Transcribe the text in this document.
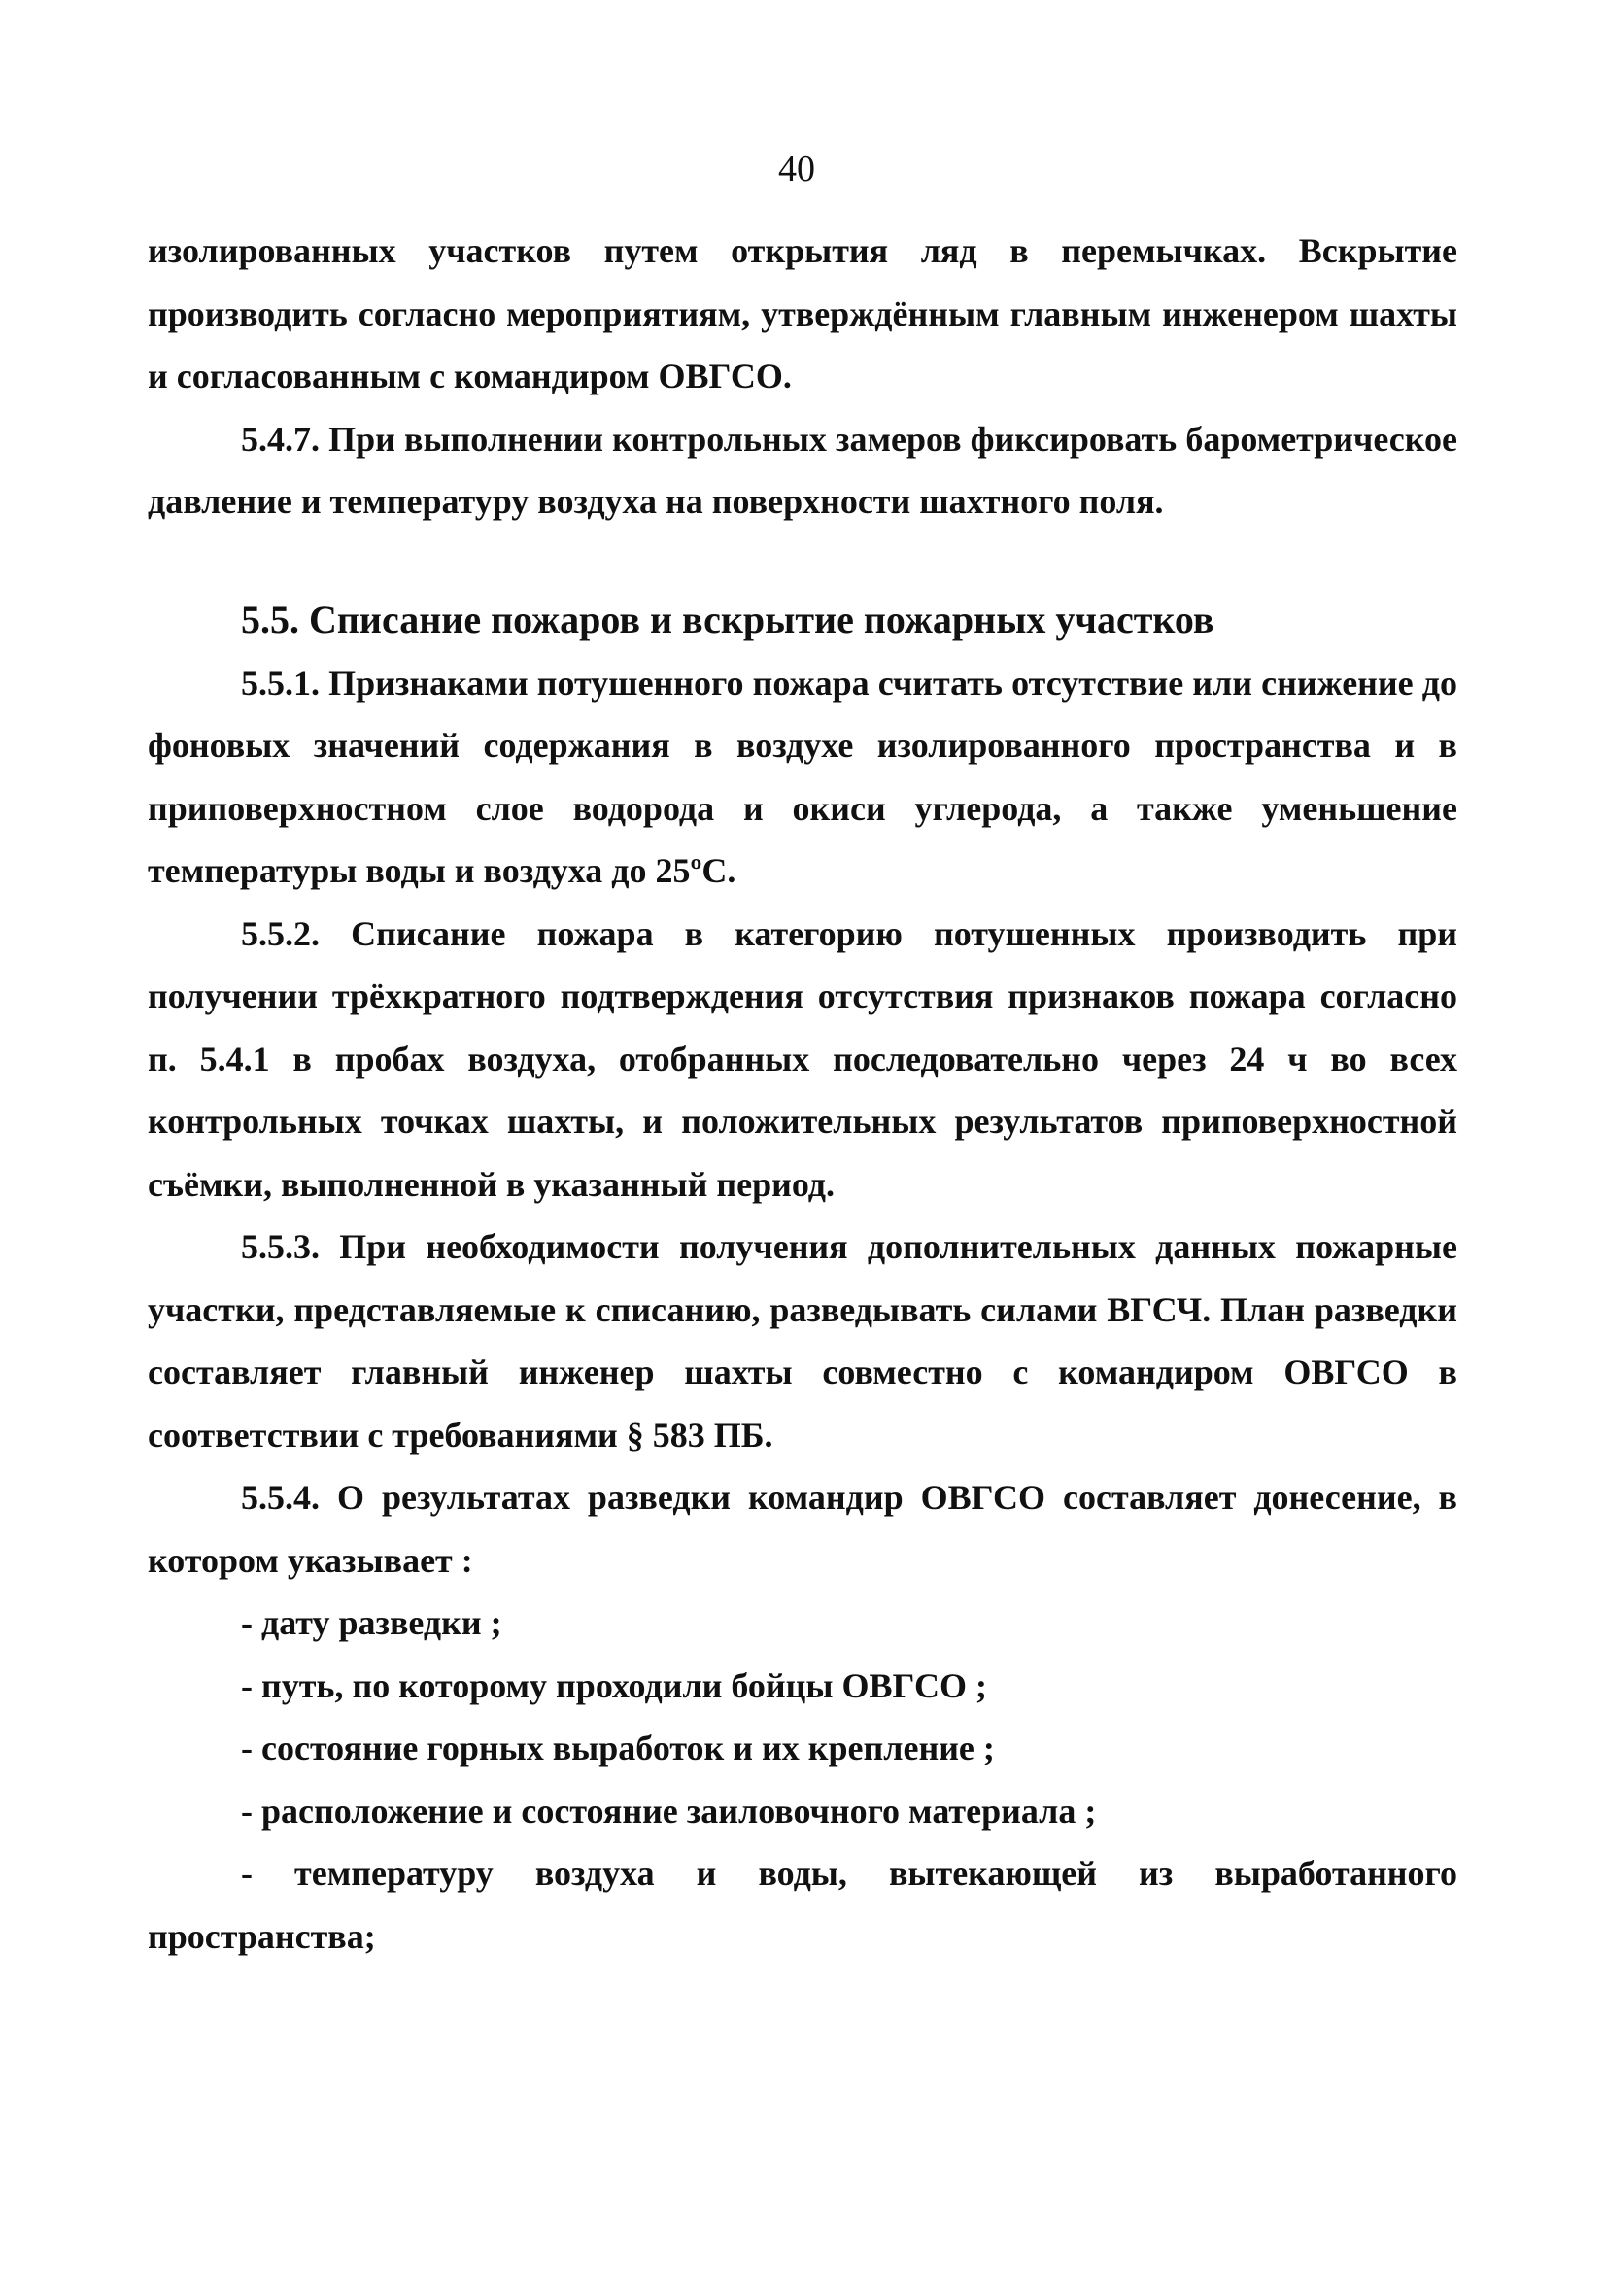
40

изолированных участков путем открытия ляд в перемычках. Вскрытие производить согласно мероприятиям, утверждённым главным инженером шахты и согласованным с командиром ОВГСО.

5.4.7. При выполнении контрольных замеров фиксировать барометрическое давление и температуру воздуха на поверхности шахтного поля.

5.5. Списание пожаров и вскрытие пожарных участков

5.5.1. Признаками потушенного пожара считать отсутствие или снижение до фоновых значений содержания в воздухе изолированного пространства и в приповерхностном слое водорода и окиси углерода, а также уменьшение температуры воды и воздуха до 25ºС.

5.5.2. Списание пожара в категорию потушенных производить при получении трёхкратного подтверждения отсутствия признаков пожара согласно п. 5.4.1 в пробах воздуха, отобранных последовательно через 24 ч во всех контрольных точках шахты, и положительных результатов приповерхностной съёмки, выполненной в указанный период.

5.5.3. При необходимости получения дополнительных данных пожарные участки, представляемые к списанию, разведывать силами ВГСЧ. План разведки составляет главный инженер шахты совместно с командиром ОВГСО в соответствии с требованиями § 583 ПБ.

5.5.4. О результатах разведки командир ОВГСО составляет донесение, в котором указывает :

- дату разведки ;
- путь, по которому проходили бойцы ОВГСО ;
- состояние горных выработок и их крепление ;
- расположение и состояние заиловочного материала ;
- температуру воздуха и воды, вытекающей из выработанного пространства;
